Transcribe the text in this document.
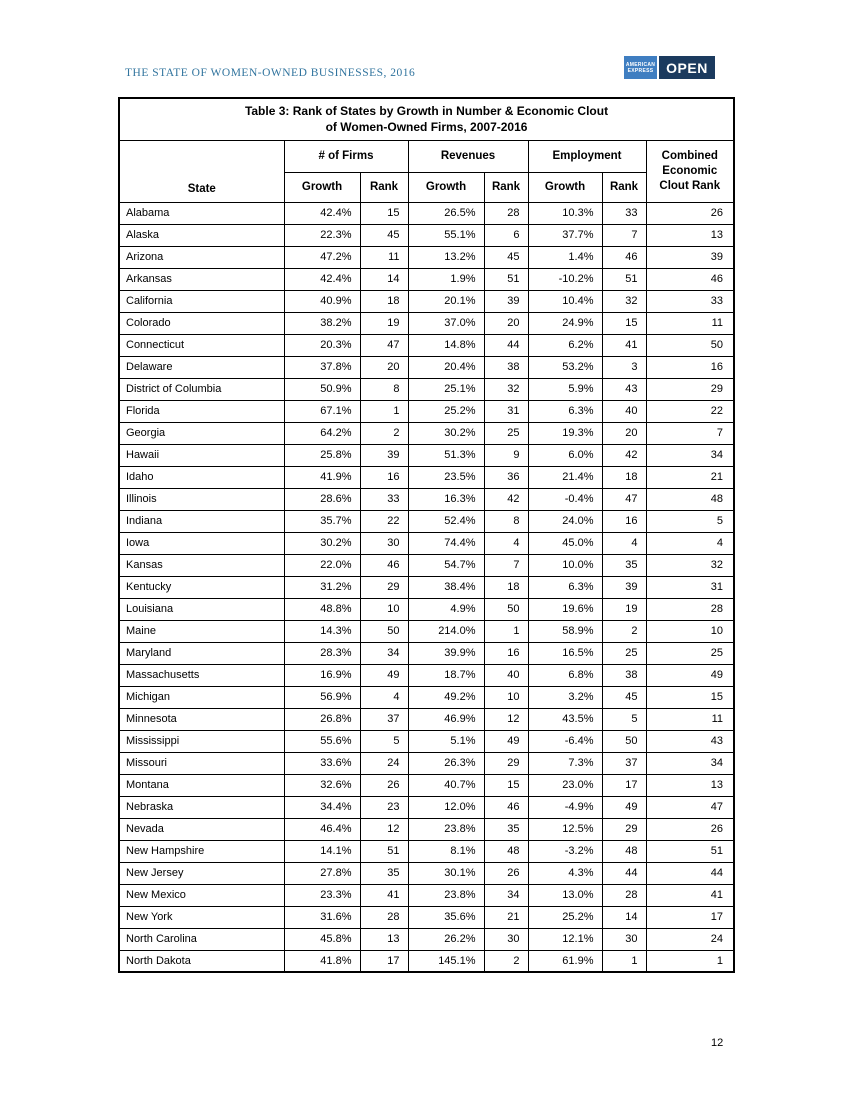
THE STATE OF WOMEN-OWNED BUSINESSES, 2016
AMERICAN
EXPRESS OPEN
Table 3: Rank of States by Growth in Number & Economic Clout
of Women-Owned Firms, 2007-2016							

State	# of Firms		Revenues		Employment		Combined
Economic
Clout Rank

	Growth	Rank	Growth	Rank	Growth	Rank	
Alabama	42.4%	15	26.5%	28	10.3%	33	26
Alaska	22.3%	45	55.1%	6	37.7%	7	13
Arizona	47.2%	11	13.2%	45	1.4%	46	39
Arkansas	42.4%	14	1.9%	51	-10.2%	51	46
California	40.9%	18	20.1%	39	10.4%	32	33
Colorado	38.2%	19	37.0%	20	24.9%	15	11
Connecticut	20.3%	47	14.8%	44	6.2%	41	50
Delaware	37.8%	20	20.4%	38	53.2%	3	16
District of Columbia	50.9%	8	25.1%	32	5.9%	43	29
Florida	67.1%	1	25.2%	31	6.3%	40	22
Georgia	64.2%	2	30.2%	25	19.3%	20	7
Hawaii	25.8%	39	51.3%	9	6.0%	42	34
Idaho	41.9%	16	23.5%	36	21.4%	18	21
Illinois	28.6%	33	16.3%	42	-0.4%	47	48
Indiana	35.7%	22	52.4%	8	24.0%	16	5
Iowa	30.2%	30	74.4%	4	45.0%	4	4
Kansas	22.0%	46	54.7%	7	10.0%	35	32
Kentucky	31.2%	29	38.4%	18	6.3%	39	31
Louisiana	48.8%	10	4.9%	50	19.6%	19	28
Maine	14.3%	50	214.0%	1	58.9%	2	10
Maryland	28.3%	34	39.9%	16	16.5%	25	25
Massachusetts	16.9%	49	18.7%	40	6.8%	38	49
Michigan	56.9%	4	49.2%	10	3.2%	45	15
Minnesota	26.8%	37	46.9%	12	43.5%	5	11
Mississippi	55.6%	5	5.1%	49	-6.4%	50	43
Missouri	33.6%	24	26.3%	29	7.3%	37	34
Montana	32.6%	26	40.7%	15	23.0%	17	13
Nebraska	34.4%	23	12.0%	46	-4.9%	49	47
Nevada	46.4%	12	23.8%	35	12.5%	29	26
New Hampshire	14.1%	51	8.1%	48	-3.2%	48	51
New Jersey	27.8%	35	30.1%	26	4.3%	44	44
New Mexico	23.3%	41	23.8%	34	13.0%	28	41
New York	31.6%	28	35.6%	21	25.2%	14	17
North Carolina	45.8%	13	26.2%	30	12.1%	30	24
North Dakota	41.8%	17	145.1%	2	61.9%	1	1
12
